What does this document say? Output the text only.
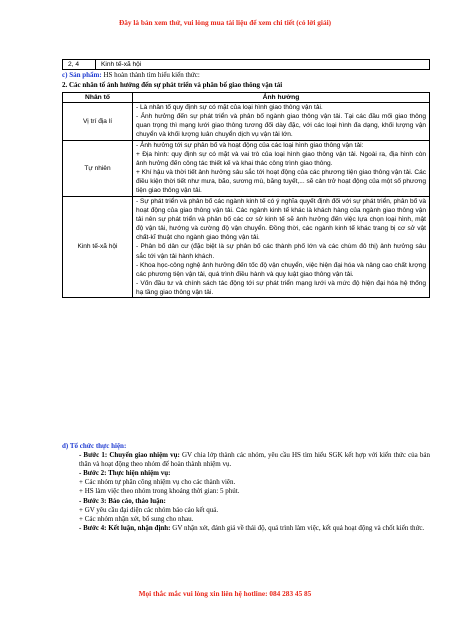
Đây là bản xem thử, vui lòng mua tài liệu để xem chi tiết (có lời giải)
2, 4	Kinh tế-xã hội
c) Sản phẩm: HS hoàn thành tìm hiểu kiến thức:
2. Các nhân tố ảnh hưởng đến sự phát triển và phân bố giao thông vận tải
Nhân tố	Ảnh hưởng
Vị trí địa lí	- Là nhân tố quy định sự có mặt của loại hình giao thông vận tải.

- Ảnh hưởng đến sự phát triển và phân bố ngành giao thông vận tải. Tại các đầu mối giao thông quan trọng thì mạng lưới giao thông tương đối dày đặc, với các loại hình đa dạng, khối lượng vận chuyển và khối lượng luân chuyển dịch vụ vận tải lớn.

Tự nhiên	- Ảnh hưởng tới sự phân bố và hoạt động của các loại hình giao thông vận tải:

+ Địa hình: quy định sự có mặt và vai trò của loại hình giao thông vận tải. Ngoài ra, địa hình còn ảnh hưởng đến công tác thiết kế và khai thác công trình giao thông.

+ Khí hậu và thời tiết ảnh hưởng sâu sắc tới hoạt động của các phương tiện giao thông vận tải. Các điều kiện thời tiết như mưa, bão, sương mù, băng tuyết,... sẽ cản trở hoạt động của một số phương tiện giao thông vận tải.

Kinh tế-xã hội	- Sự phát triển và phân bố các ngành kinh tế có ý nghĩa quyết định đối với sự phát triển, phân bố và hoạt động của giao thông vận tải. Các ngành kinh tế khác là khách hàng của ngành giao thông vận tải nên sự phát triển và phân bố các cơ sở kinh tế sẽ ảnh hưởng đến việc lựa chọn loại hình, mật độ vận tải, hướng và cường độ vận chuyển. Đồng thời, các ngành kinh tế khác trang bị cơ sở vật chất-kĩ thuật cho ngành giao thông vận tải.

- Phân bố dân cư (đặc biệt là sự phân bố các thành phố lớn và các chùm đô thị) ảnh hưởng sâu sắc tới vận tải hành khách.

- Khoa học-công nghệ ảnh hưởng đến tốc độ vận chuyển, việc hiện đại hóa và nâng cao chất lượng các phương tiện vận tải, quá trình điều hành và quy luật giao thông vận tải.

- Vốn đầu tư và chính sách tác động tới sự phát triển mạng lưới và mức độ hiện đại hóa hệ thống hạ tầng giao thông vận tải.

d) Tổ chức thực hiện:

- Bước 1: Chuyển giao nhiệm vụ: GV chia lớp thành các nhóm, yêu cầu HS tìm hiểu SGK kết hợp với kiến thức của bản thân và hoạt động theo nhóm để hoàn thành nhiệm vụ.

- Bước 2: Thực hiện nhiệm vụ:

+ Các nhóm tự phân công nhiệm vụ cho các thành viên.

+ HS làm việc theo nhóm trong khoảng thời gian: 5 phút.

- Bước 3: Báo cáo, thảo luận:

+ GV yêu cầu đại diện các nhóm báo cáo kết quả.

+ Các nhóm nhận xét, bổ sung cho nhau.

- Bước 4: Kết luận, nhận định: GV nhận xét, đánh giá về thái độ, quá trình làm việc, kết quả hoạt động và chốt kiến thức.

Mọi thắc mắc vui lòng xin liên hệ hotline: 084 283 45 85
